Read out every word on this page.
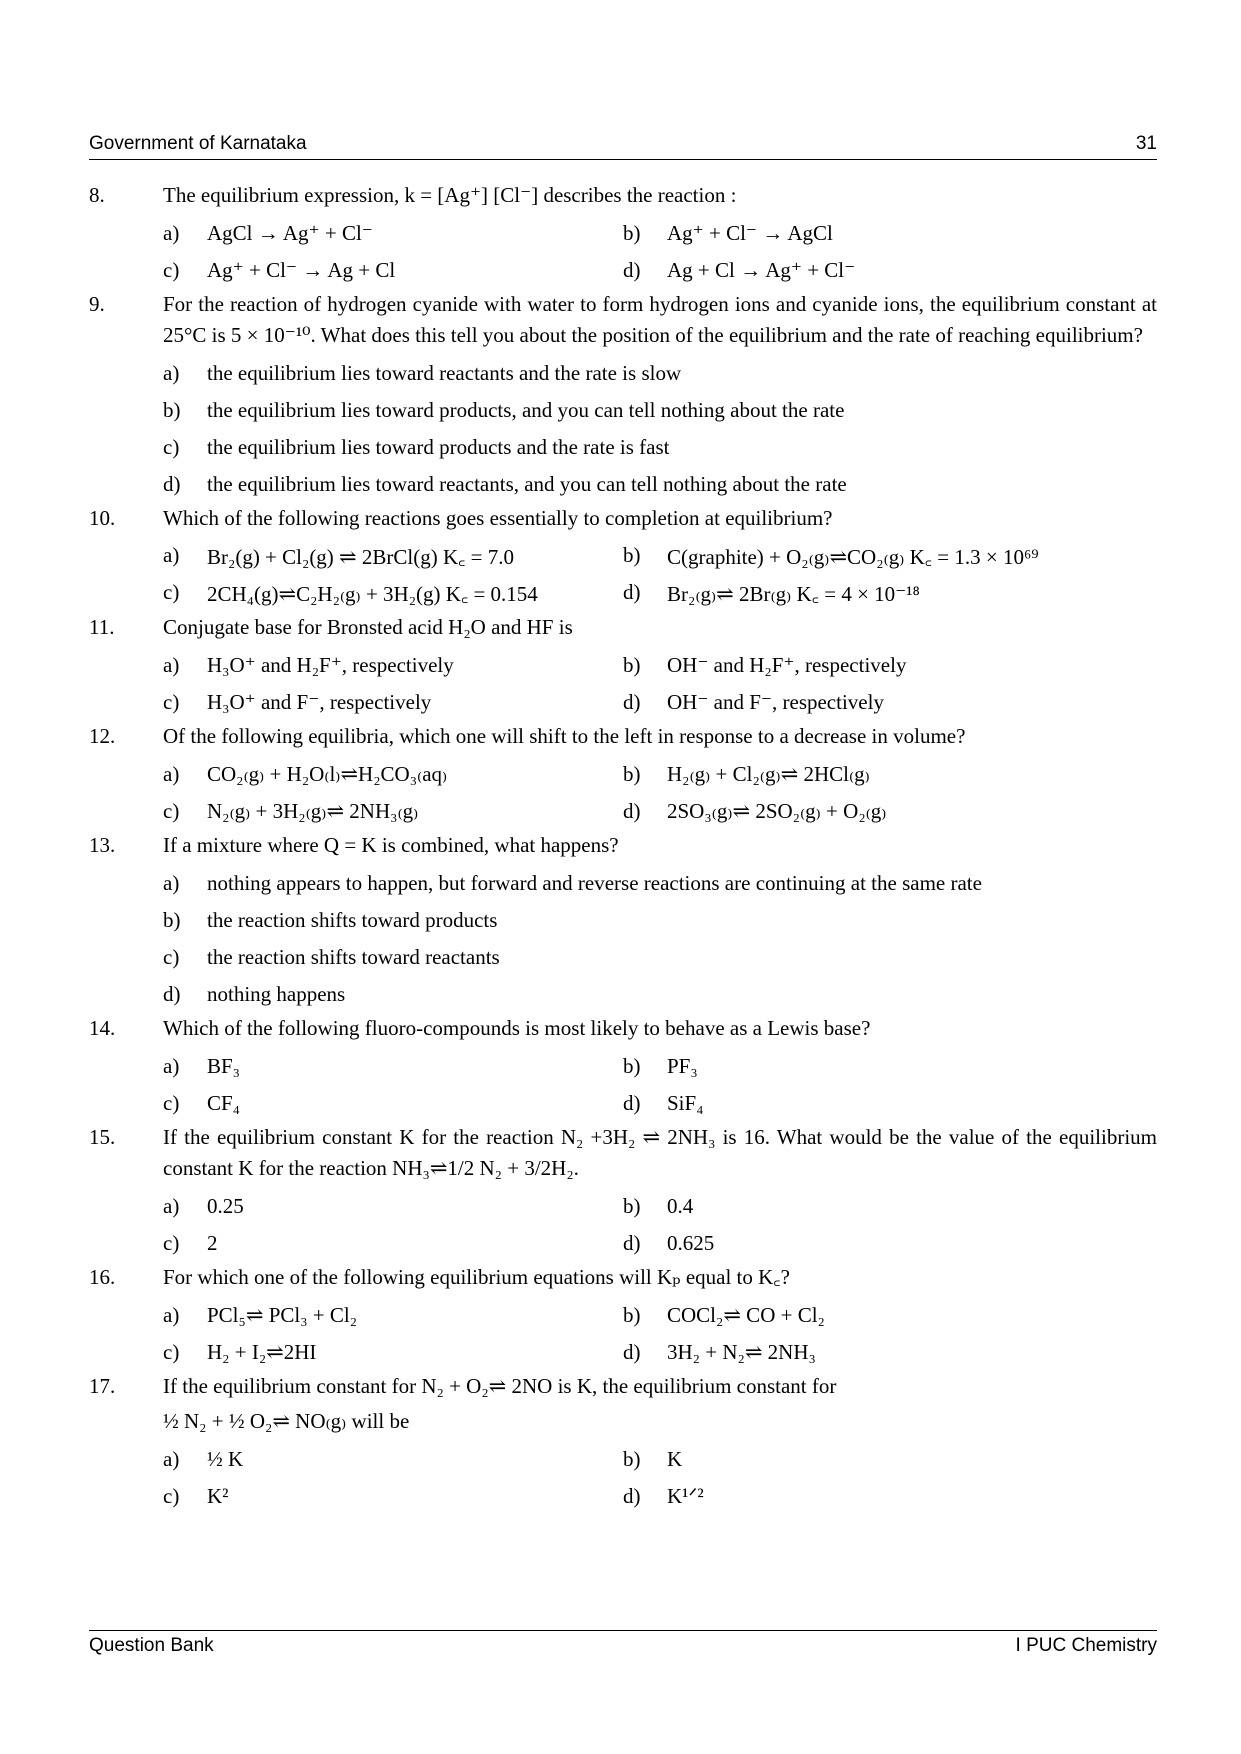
Government of Karnataka	31
8.	The equilibrium expression, k = [Ag⁺] [Cl⁻] describes the reaction :
a)	AgCl → Ag⁺ + Cl⁻	b)	Ag⁺ + Cl⁻ → AgCl
c)	Ag⁺ + Cl⁻ → Ag + Cl	d)	Ag + Cl → Ag⁺ + Cl⁻
9.	For the reaction of hydrogen cyanide with water to form hydrogen ions and cyanide ions, the equilibrium constant at 25°C is 5 × 10⁻¹⁰. What does this tell you about the position of the equilibrium and the rate of reaching equilibrium?
a)	the equilibrium lies toward reactants and the rate is slow
b)	the equilibrium lies toward products, and you can tell nothing about the rate
c)	the equilibrium lies toward products and the rate is fast
d)	the equilibrium lies toward reactants, and you can tell nothing about the rate
10. Which of the following reactions goes essentially to completion at equilibrium?
a)	Br₂(g) + Cl₂(g) ⇌ 2BrCl(g) K꜀ = 7.0	b)	C(graphite) + O₂₍g₎⇌CO₂₍g₎ K꜀ = 1.3 × 10⁶⁹
c)	2CH₄(g)⇌C₂H₂₍g₎ + 3H₂(g) K꜀ = 0.154	d)	Br₂₍g₎⇌ 2Br₍g₎ K꜀ = 4 × 10⁻¹⁸
11. Conjugate base for Bronsted acid H₂O and HF is
a)	H₃O⁺ and H₂F⁺, respectively	b)	OH⁻ and H₂F⁺, respectively
c)	H₃O⁺ and F⁻, respectively	d)	OH⁻ and F⁻, respectively
12. Of the following equilibria, which one will shift to the left in response to a decrease in volume?
a)	CO₂₍g₎ + H₂O₍l₎⇌H₂CO₃₍aq₎	b)	H₂₍g₎ + Cl₂₍g₎⇌ 2HCl₍g₎
c)	N₂₍g₎ + 3H₂₍g₎⇌ 2NH₃₍g₎	d)	2SO₃₍g₎⇌ 2SO₂₍g₎ + O₂₍g₎
13. If a mixture where Q = K is combined, what happens?
a)	nothing appears to happen, but forward and reverse reactions are continuing at the same rate
b)	the reaction shifts toward products
c)	the reaction shifts toward reactants
d)	nothing happens
14. Which of the following fluoro-compounds is most likely to behave as a Lewis base?
a)	BF₃	b)	PF₃
c)	CF₄	d)	SiF₄
15. If the equilibrium constant K for the reaction N₂ +3H₂ ⇌ 2NH₃ is 16. What would be the value of the equilibrium constant K for the reaction NH₃⇌1/2 N₂ + 3/2H₂.
a)	0.25	b)	0.4
c)	2	d)	0.625
16. For which one of the following equilibrium equations will Kₚ equal to K꜀?
a)	PCl₅⇌ PCl₃ + Cl₂	b)	COCl₂⇌ CO + Cl₂
c)	H₂ + I₂⇌2HI	d)	3H₂ + N₂⇌ 2NH₃
17. If the equilibrium constant for N₂ + O₂⇌ 2NO is K, the equilibrium constant for
½ N₂ + ½ O₂⇌ NO₍g₎ will be
a)	½ K	b)	K
c)	K²	d)	K¹ᐟ²
Question Bank	I PUC Chemistry
